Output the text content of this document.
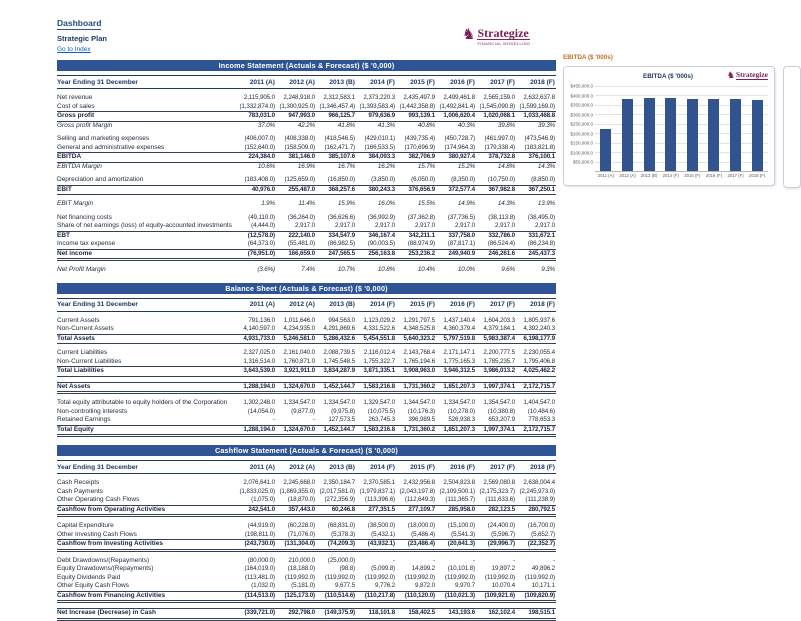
Dashboard
Strategic Plan
Go to Index
♞ Strategize
FINANCIAL MODELLING
Income Statement (Actuals & Forecast) ($ '0,000)
Year Ending 31 December	2011 (A)	2012 (A)	2013 (B)	2014 (F)	2015 (F)	2016 (F)	2017 (F)	2018 (F)

Net revenue	2,115,905.0	2,248,918.0	2,312,583.1	2,373,220.3	2,435,497.9	2,499,461.8	2,565,159.0	2,632,637.8
Cost of sales	(1,332,874.0)	(1,300,925.0)	(1,346,457.4)	(1,393,583.4)	(1,442,358.8)	(1,492,841.4)	(1,545,090.8)	(1,599,169.0)
Gross profit	783,031.0	947,993.0	966,125.7	979,636.9	993,139.1	1,006,620.4	1,020,068.1	1,033,468.8
Gross profit Margin	37.0%	42.2%	41.8%	41.3%	40.8%	40.3%	39.8%	39.3%

Selling and marketing expenses	(406,007.0)	(408,338.0)	(418,546.5)	(429,010.1)	(439,735.4)	(450,728.7)	(461,997.0)	(473,546.9)
General and administrative expenses	(152,640.0)	(158,509.0)	(162,471.7)	(166,533.5)	(170,696.9)	(174,964.3)	(179,338.4)	(183,821.8)
EBITDA	224,384.0	381,146.0	385,107.6	384,093.3	382,706.9	380,927.4	378,732.8	376,100.1
EBITDA Margin	10.6%	16.9%	16.7%	16.2%	15.7%	15.2%	14.8%	14.3%

Depreciation and amortization	(183,408.0)	(125,659.0)	(16,850.0)	(3,850.0)	(6,050.0)	(8,350.0)	(10,750.0)	(8,850.0)
EBIT	40,976.0	255,487.0	368,257.6	380,243.3	376,656.9	372,577.4	367,982.8	367,250.1

EBIT Margin	1.9%	11.4%	15.9%	16.0%	15.5%	14.9%	14.3%	13.9%

Net financing costs	(49,110.0)	(36,264.0)	(36,626.6)	(36,992.9)	(37,362.8)	(37,736.5)	(38,113.8)	(38,495.0)
Share of net earnings (loss) of equity-accounted investments	(4,444.0)	2,917.0	2,917.0	2,917.0	2,917.0	2,917.0	2,917.0	2,917.0
EBT	(12,578.0)	222,140.0	334,547.9	346,167.4	342,211.1	337,758.0	332,786.0	331,672.1
Income tax expense	(64,373.0)	(55,481.0)	(86,982.5)	(90,003.5)	(88,974.9)	(87,817.1)	(86,524.4)	(86,234.8)
Net income	(76,951.0)	166,659.0	247,565.5	256,163.8	253,236.2	249,940.9	246,261.6	245,437.3

Net Profit Margin	(3.6%)	7.4%	10.7%	10.8%	10.4%	10.0%	9.6%	9.3%
Balance Sheet (Actuals & Forecast) ($ '0,000)
Year Ending 31 December	2011 (A)	2012 (A)	2013 (B)	2014 (F)	2015 (F)	2016 (F)	2017 (F)	2018 (F)

Current Assets	791,136.0	1,011,646.0	994,563.0	1,123,029.2	1,291,797.5	1,437,140.4	1,604,203.3	1,805,937.6
Non-Current Assets	4,140,597.0	4,234,935.0	4,291,869.6	4,331,522.6	4,348,525.8	4,360,379.4	4,379,184.1	4,392,240.3
Total Assets	4,931,733.0	5,246,581.0	5,286,432.6	5,454,551.8	5,640,323.2	5,797,519.8	5,983,387.4	6,198,177.9

Current Liabilities	2,327,025.0	2,161,040.0	2,088,739.5	2,116,012.4	2,143,768.4	2,171,147.1	2,200,777.5	2,230,055.4
Non-Current Liabilities	1,316,514.0	1,760,871.0	1,745,548.5	1,755,322.7	1,765,194.6	1,775,165.3	1,785,235.7	1,795,406.8
Total Liabilities	3,643,539.0	3,921,911.0	3,834,287.9	3,871,335.1	3,908,963.0	3,946,312.5	3,986,013.2	4,025,462.2

Net Assets	1,288,194.0	1,324,670.0	1,452,144.7	1,583,216.8	1,731,360.2	1,851,207.3	1,997,374.1	2,172,715.7

Total equity attributable to equity holders of the Corporation	1,302,248.0	1,334,547.0	1,334,547.0	1,329,547.0	1,344,547.0	1,334,547.0	1,354,547.0	1,404,547.0
Non-controlling interests	(14,054.0)	(9,877.0)	(9,975.8)	(10,075.5)	(10,176.3)	(10,278.0)	(10,380.8)	(10,484.6)
Retained Earnings	-	-	127,573.5	263,745.3	396,989.5	526,938.3	653,207.9	778,653.3
Total Equity	1,288,194.0	1,324,670.0	1,452,144.7	1,583,216.8	1,731,360.2	1,851,207.3	1,997,374.1	2,172,715.7
Cashflow Statement (Actuals & Forecast) ($ '0,000)
Year Ending 31 December	2011 (A)	2012 (A)	2013 (B)	2014 (F)	2015 (F)	2016 (F)	2017 (F)	2018 (F)

Cash Receipts	2,076,641.0	2,245,668.0	2,350,184.7	2,370,585.1	2,432,956.8	2,504,823.8	2,569,080.8	2,638,004.4
Cash Payments	(1,833,025.0)	(1,869,355.0)	(2,017,581.0)	(1,979,837.1)	(2,043,197.8)	(2,109,500.1)	(2,175,323.7)	(2,245,973.0)
Other Operating Cash Flows	(1,075.0)	(18,870.0)	(272,356.9)	(113,396.6)	(112,649.3)	(111,365.7)	(111,633.6)	(111,238.9)
Cashflow from Operating Activities	242,541.0	357,443.0	60,246.8	277,351.5	277,109.7	285,958.0	282,123.5	280,792.5

Capital Expenditure	(44,919.0)	(60,228.0)	(68,831.0)	(38,500.0)	(18,000.0)	(15,100.0)	(24,400.0)	(16,700.0)
Other Investing Cash Flows	(198,811.0)	(71,076.0)	(5,378.3)	(5,432.1)	(5,486.4)	(5,541.3)	(5,596.7)	(5,652.7)
Cashflow from Investing Activities	(243,730.0)	(131,304.0)	(74,209.3)	(43,932.1)	(23,486.4)	(20,641.3)	(29,996.7)	(22,352.7)

Debt Drawdowns/(Repayments)	(80,000.0)	210,000.0	(25,000.0)	-	-	-	-	-
Equity Drawdowns/(Repayments)	(164,019.0)	(18,188.0)	(98.8)	(5,099.8)	14,899.2	(10,101.8)	19,897.2	49,896.2
Equity Dividends Paid	(113,481.0)	(119,992.0)	(119,992.0)	(119,992.0)	(119,992.0)	(119,992.0)	(119,992.0)	(119,992.0)
Other Equity Cash Flows	(1,032.0)	(5,181.0)	9,677.5	9,776.2	9,872.0	9,970.7	10,070.4	10,171.1
Cashflow from Financing Activities	(114,513.0)	(125,173.0)	(110,514.6)	(110,217.8)	(110,120.0)	(110,021.3)	(109,921.6)	(109,820.9)

Net Increase (Decrease) in Cash	(339,721.0)	292,798.0	(149,375.9)	118,101.8	158,402.5	143,193.6	162,102.4	198,515.1
EBITDA ($ '000s)
EBITDA ($ '000s)	♞ Strategize
$450,000.0
$400,000.0
$350,000.0
$300,000.0
$250,000.0
$200,000.0
$150,000.0
$100,000.0
$50,000.0
2011 (A)	2012 (A)	2013 (B)	2014 (F)	2015 (F)	2016 (F)	2017 (F)	2018 (F)
